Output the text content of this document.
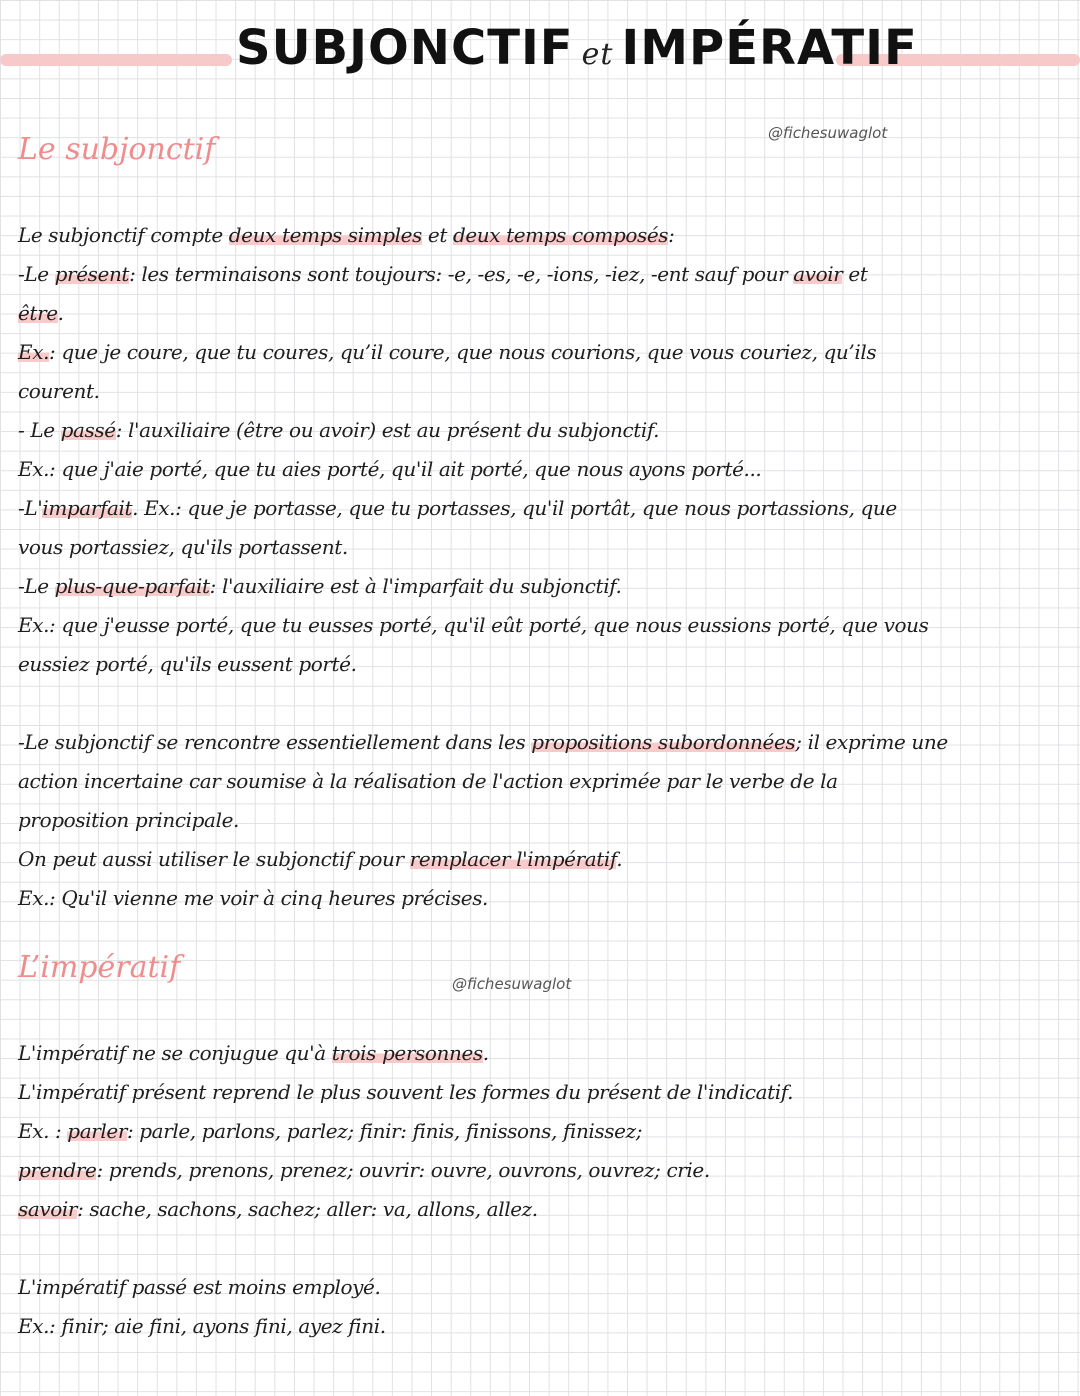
SUBJONCTIF et IMPÉRATIF
@fichesuwaglot
Le subjonctif
Le subjonctif compte deux temps simples et deux temps composés:
-Le présent: les terminaisons sont toujours: -e, -es, -e, -ions, -iez, -ent sauf pour avoir et
être.
Ex.: que je coure, que tu coures, qu’il coure, que nous courions, que vous couriez, qu’ils
courent.
- Le passé: l'auxiliaire (être ou avoir) est au présent du subjonctif.
Ex.: que j'aie porté, que tu aies porté, qu'il ait porté, que nous ayons porté...
-L'imparfait. Ex.: que je portasse, que tu portasses, qu'il portât, que nous portassions, que
vous portassiez, qu'ils portassent.
-Le plus-que-parfait: l'auxiliaire est à l'imparfait du subjonctif.
Ex.: que j'eusse porté, que tu eusses porté, qu'il eût porté, que nous eussions porté, que vous
eussiez porté, qu'ils eussent porté.
-Le subjonctif se rencontre essentiellement dans les propositions subordonnées; il exprime une
action incertaine car soumise à la réalisation de l'action exprimée par le verbe de la
proposition principale.
On peut aussi utiliser le subjonctif pour remplacer l'impératif.
Ex.: Qu'il vienne me voir à cinq heures précises.
L’impératif	@fichesuwaglot
L'impératif ne se conjugue qu'à trois personnes.
L'impératif présent reprend le plus souvent les formes du présent de l'indicatif.
Ex. : parler: parle, parlons, parlez; finir: finis, finissons, finissez;
prendre: prends, prenons, prenez; ouvrir: ouvre, ouvrons, ouvrez; crie.
savoir: sache, sachons, sachez; aller: va, allons, allez.
L'impératif passé est moins employé.
Ex.: finir; aie fini, ayons fini, ayez fini.
